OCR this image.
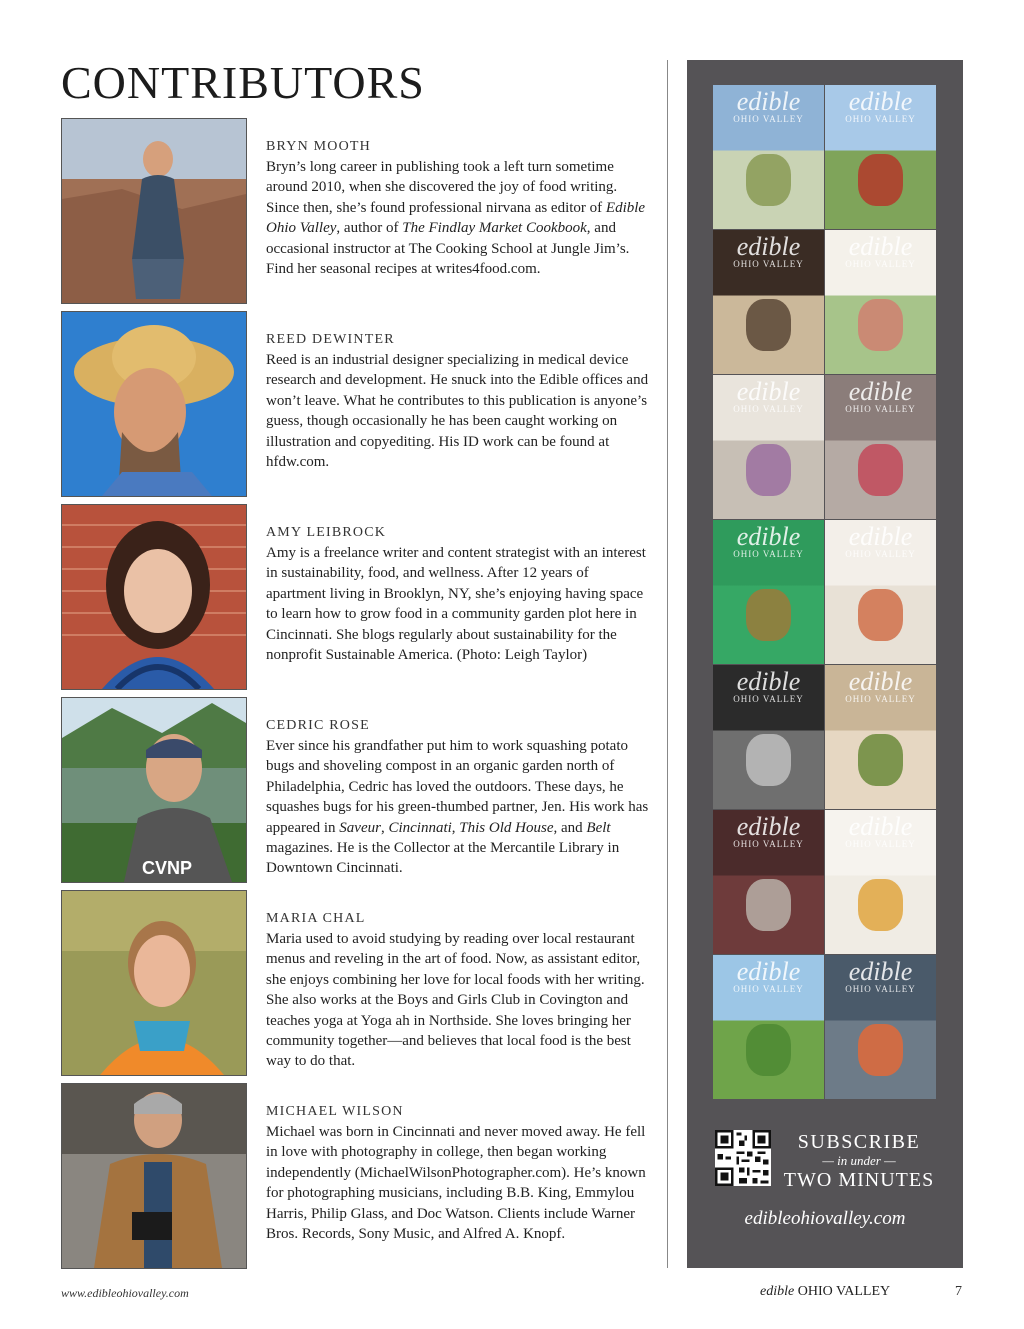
CONTRIBUTORS
BRYN MOOTH
Bryn’s long career in publishing took a left turn sometime around 2010, when she discovered the joy of food writing. Since then, she’s found professional nirvana as editor of Edible Ohio Valley, author of The Findlay Market Cookbook, and occasional instructor at The Cooking School at Jungle Jim’s. Find her seasonal recipes at writes4food.com.
REED DEWINTER
Reed is an industrial designer specializing in medical device research and development. He snuck into the Edible offices and won’t leave. What he contributes to this publication is anyone’s guess, though occasionally he has been caught working on illustration and copyediting. His ID work can be found at hfdw.com.
AMY LEIBROCK
Amy is a freelance writer and content strategist with an interest in sustainability, food, and wellness. After 12 years of apartment living in Brooklyn, NY, she’s enjoying having space to learn how to grow food in a community garden plot here in Cincinnati. She blogs regularly about sustainability for the nonprofit Sustainable America. (Photo: Leigh Taylor)
CVNP
CEDRIC ROSE
Ever since his grandfather put him to work squashing potato bugs and shoveling compost in an organic garden north of Philadelphia, Cedric has loved the outdoors. These days, he squashes bugs for his green-thumbed partner, Jen. His work has appeared in Saveur, Cincinnati, This Old House, and Belt magazines. He is the Collector at the Mercantile Library in Downtown Cincinnati.
MARIA CHAL
Maria used to avoid studying by reading over local restaurant menus and reveling in the art of food. Now, as assistant editor, she enjoys combining her love for local foods with her writing. She also works at the Boys and Girls Club in Covington and teaches yoga at Yoga ah in Northside. She loves bringing her community together—and believes that local food is the best way to do that.
MICHAEL WILSON
Michael was born in Cincinnati and never moved away. He fell in love with photography in college, then began working independently (MichaelWilsonPhotographer.com). He’s known for photographing musicians, including B.B. King, Emmylou Harris, Philip Glass, and Doc Watson. Clients include Warner Bros. Records, Sony Music, and Alfred A. Knopf.
edible
OHIO VALLEY
edible
OHIO VALLEY
edible
OHIO VALLEY
edible
OHIO VALLEY
edible
OHIO VALLEY
edible
OHIO VALLEY
edible
OHIO VALLEY
edible
OHIO VALLEY
edible
OHIO VALLEY
edible
OHIO VALLEY
edible
OHIO VALLEY
edible
OHIO VALLEY
edible
OHIO VALLEY
edible
OHIO VALLEY
SUBSCRIBE
— in under —
TWO MINUTES
edibleohiovalley.com
www.edibleohiovalley.com	edible OHIO VALLEY	7
